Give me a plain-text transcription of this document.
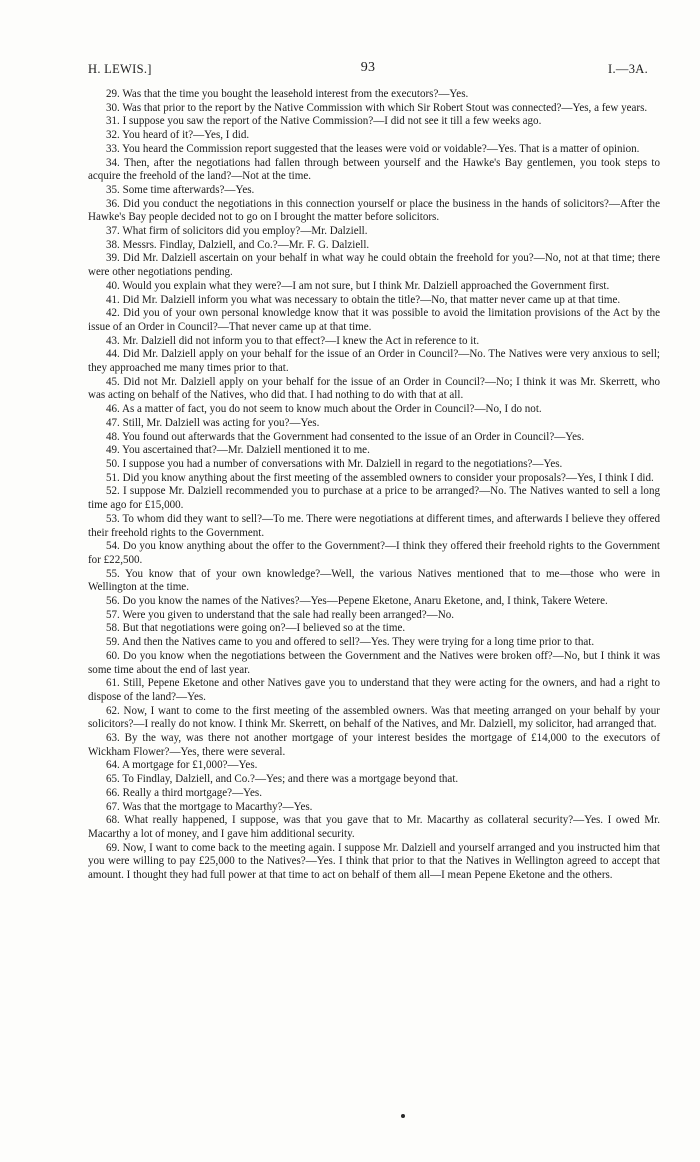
H. LEWIS.]	93	I.—3A.

29. Was that the time you bought the leasehold interest from the executors?—Yes.

30. Was that prior to the report by the Native Commission with which Sir Robert Stout was connected?—Yes, a few years.

31. I suppose you saw the report of the Native Commission?—I did not see it till a few weeks ago.

32. You heard of it?—Yes, I did.

33. You heard the Commission report suggested that the leases were void or voidable?—Yes. That is a matter of opinion.

34. Then, after the negotiations had fallen through between yourself and the Hawke's Bay gentlemen, you took steps to acquire the freehold of the land?—Not at the time.

35. Some time afterwards?—Yes.

36. Did you conduct the negotiations in this connection yourself or place the business in the hands of solicitors?—After the Hawke's Bay people decided not to go on I brought the matter before solicitors.

37. What firm of solicitors did you employ?—Mr. Dalziell.

38. Messrs. Findlay, Dalziell, and Co.?—Mr. F. G. Dalziell.

39. Did Mr. Dalziell ascertain on your behalf in what way he could obtain the freehold for you?—No, not at that time; there were other negotiations pending.

40. Would you explain what they were?—I am not sure, but I think Mr. Dalziell approached the Government first.

41. Did Mr. Dalziell inform you what was necessary to obtain the title?—No, that matter never came up at that time.

42. Did you of your own personal knowledge know that it was possible to avoid the limitation provisions of the Act by the issue of an Order in Council?—That never came up at that time.

43. Mr. Dalziell did not inform you to that effect?—I knew the Act in reference to it.

44. Did Mr. Dalziell apply on your behalf for the issue of an Order in Council?—No. The Natives were very anxious to sell; they approached me many times prior to that.

45. Did not Mr. Dalziell apply on your behalf for the issue of an Order in Council?—No; I think it was Mr. Skerrett, who was acting on behalf of the Natives, who did that. I had nothing to do with that at all.

46. As a matter of fact, you do not seem to know much about the Order in Council?—No, I do not.

47. Still, Mr. Dalziell was acting for you?—Yes.

48. You found out afterwards that the Government had consented to the issue of an Order in Council?—Yes.

49. You ascertained that?—Mr. Dalziell mentioned it to me.

50. I suppose you had a number of conversations with Mr. Dalziell in regard to the negotiations?—Yes.

51. Did you know anything about the first meeting of the assembled owners to consider your proposals?—Yes, I think I did.

52. I suppose Mr. Dalziell recommended you to purchase at a price to be arranged?—No. The Natives wanted to sell a long time ago for £15,000.

53. To whom did they want to sell?—To me. There were negotiations at different times, and afterwards I believe they offered their freehold rights to the Government.

54. Do you know anything about the offer to the Government?—I think they offered their freehold rights to the Government for £22,500.

55. You know that of your own knowledge?—Well, the various Natives mentioned that to me—those who were in Wellington at the time.

56. Do you know the names of the Natives?—Yes—Pepene Eketone, Anaru Eketone, and, I think, Takere Wetere.

57. Were you given to understand that the sale had really been arranged?—No.

58. But that negotiations were going on?—I believed so at the time.

59. And then the Natives came to you and offered to sell?—Yes. They were trying for a long time prior to that.

60. Do you know when the negotiations between the Government and the Natives were broken off?—No, but I think it was some time about the end of last year.

61. Still, Pepene Eketone and other Natives gave you to understand that they were acting for the owners, and had a right to dispose of the land?—Yes.

62. Now, I want to come to the first meeting of the assembled owners. Was that meeting arranged on your behalf by your solicitors?—I really do not know. I think Mr. Skerrett, on behalf of the Natives, and Mr. Dalziell, my solicitor, had arranged that.

63. By the way, was there not another mortgage of your interest besides the mortgage of £14,000 to the executors of Wickham Flower?—Yes, there were several.

64. A mortgage for £1,000?—Yes.

65. To Findlay, Dalziell, and Co.?—Yes; and there was a mortgage beyond that.

66. Really a third mortgage?—Yes.

67. Was that the mortgage to Macarthy?—Yes.

68. What really happened, I suppose, was that you gave that to Mr. Macarthy as collateral security?—Yes. I owed Mr. Macarthy a lot of money, and I gave him additional security.

69. Now, I want to come back to the meeting again. I suppose Mr. Dalziell and yourself arranged and you instructed him that you were willing to pay £25,000 to the Natives?—Yes. I think that prior to that the Natives in Wellington agreed to accept that amount. I thought they had full power at that time to act on behalf of them all—I mean Pepene Eketone and the others.
